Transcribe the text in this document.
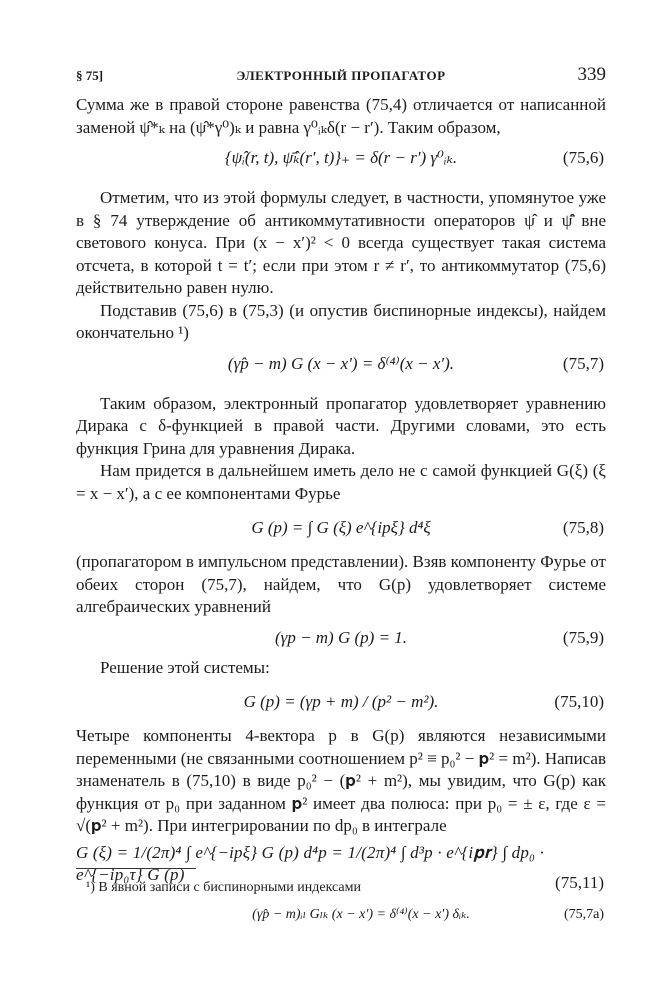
§ 75]	ЭЛЕКТРОННЫЙ ПРОПАГАТОР	339

Сумма же в правой стороне равенства (75,4) отличается от написанной заменой ψ̂*ₖ на (ψ̂*γ⁰)ₖ и равна γ⁰ᵢₖδ(r − r′). Таким образом,

{ψ̂ᵢ(r, t), ψ̂̄ₖ(r′, t)}₊ = δ(r − r′) γ⁰ᵢₖ.	(75,6)

Отметим, что из этой формулы следует, в частности, упомянутое уже в § 74 утверждение об антикоммутативности операторов ψ̂ и ψ̂̄ вне светового конуса. При (x − x′)² < 0 всегда существует такая система отсчета, в которой t = t′; если при этом r ≠ r′, то антикоммутатор (75,6) действительно равен нулю.

Подставив (75,6) в (75,3) (и опустив биспинорные индексы), найдем окончательно ¹)

(γp̂ − m) G (x − x′) = δ⁽⁴⁾(x − x′).	(75,7)

Таким образом, электронный пропагатор удовлетворяет уравнению Дирака с δ-функцией в правой части. Другими словами, это есть функция Грина для уравнения Дирака.

Нам придется в дальнейшем иметь дело не с самой функцией G(ξ) (ξ = x − x′), а с ее компонентами Фурье

G (p) = ∫ G (ξ) e^{ipξ} d⁴ξ	(75,8)

(пропагатором в импульсном представлении). Взяв компоненту Фурье от обеих сторон (75,7), найдем, что G(p) удовлетворяет системе алгебраических уравнений

(γp − m) G (p) = 1.	(75,9)

Решение этой системы:

G (p) = (γp + m) / (p² − m²).	(75,10)

Четыре компоненты 4-вектора p в G(p) являются независимыми переменными (не связанными соотношением p² ≡ p₀² − 𝐩² = m²). Написав знаменатель в (75,10) в виде p₀² − (𝐩² + m²), мы увидим, что G(p) как функция от p₀ при заданном 𝐩² имеет два полюса: при p₀ = ± ε, где ε = √(𝐩² + m²). При интегрировании по dp₀ в интеграле

G (ξ) = 1/(2π)⁴ ∫ e^{−ipξ} G (p) d⁴p = 1/(2π)⁴ ∫ d³p · e^{i𝐩𝐫} ∫ dp₀ · e^{−ip₀τ} G (p)	(75,11)
¹) В явной записи с биспинорными индексами
(γp̂ − m)ᵢₗ Gₗₖ (x − x′) = δ⁽⁴⁾(x − x′) δᵢₖ.	(75,7а)
